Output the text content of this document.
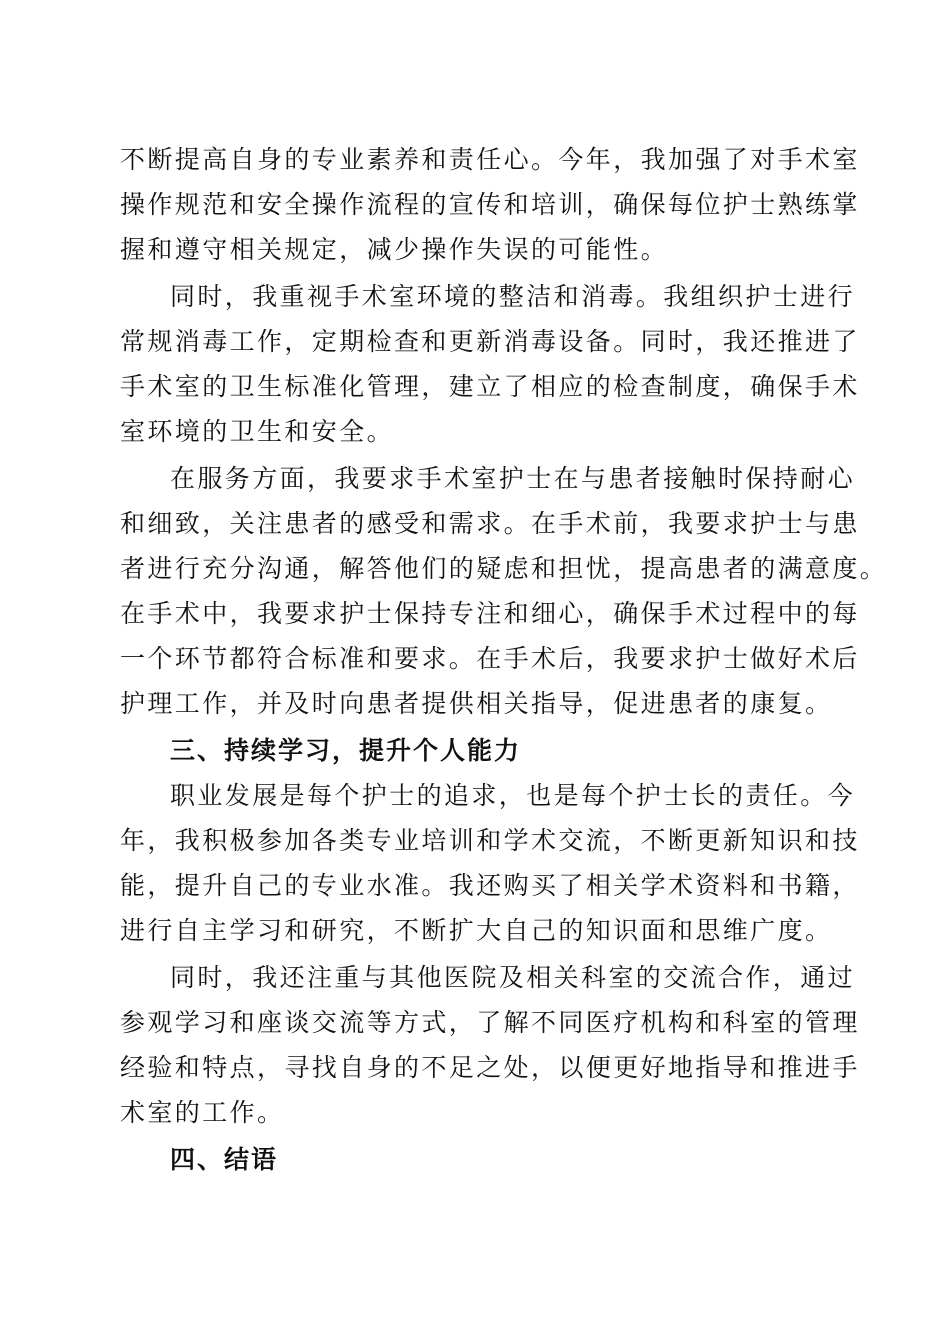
不断提高自身的专业素养和责任心。今年，我加强了对手术室
操作规范和安全操作流程的宣传和培训，确保每位护士熟练掌
握和遵守相关规定，减少操作失误的可能性。
同时，我重视手术室环境的整洁和消毒。我组织护士进行
常规消毒工作，定期检查和更新消毒设备。同时，我还推进了
手术室的卫生标准化管理，建立了相应的检查制度，确保手术
室环境的卫生和安全。
在服务方面，我要求手术室护士在与患者接触时保持耐心
和细致，关注患者的感受和需求。在手术前，我要求护士与患
者进行充分沟通，解答他们的疑虑和担忧，提高患者的满意度。
在手术中，我要求护士保持专注和细心，确保手术过程中的每
一个环节都符合标准和要求。在手术后，我要求护士做好术后
护理工作，并及时向患者提供相关指导，促进患者的康复。
三、持续学习，提升个人能力
职业发展是每个护士的追求，也是每个护士长的责任。今
年，我积极参加各类专业培训和学术交流，不断更新知识和技
能，提升自己的专业水准。我还购买了相关学术资料和书籍，
进行自主学习和研究，不断扩大自己的知识面和思维广度。
同时，我还注重与其他医院及相关科室的交流合作，通过
参观学习和座谈交流等方式，了解不同医疗机构和科室的管理
经验和特点，寻找自身的不足之处，以便更好地指导和推进手
术室的工作。
四、结语
